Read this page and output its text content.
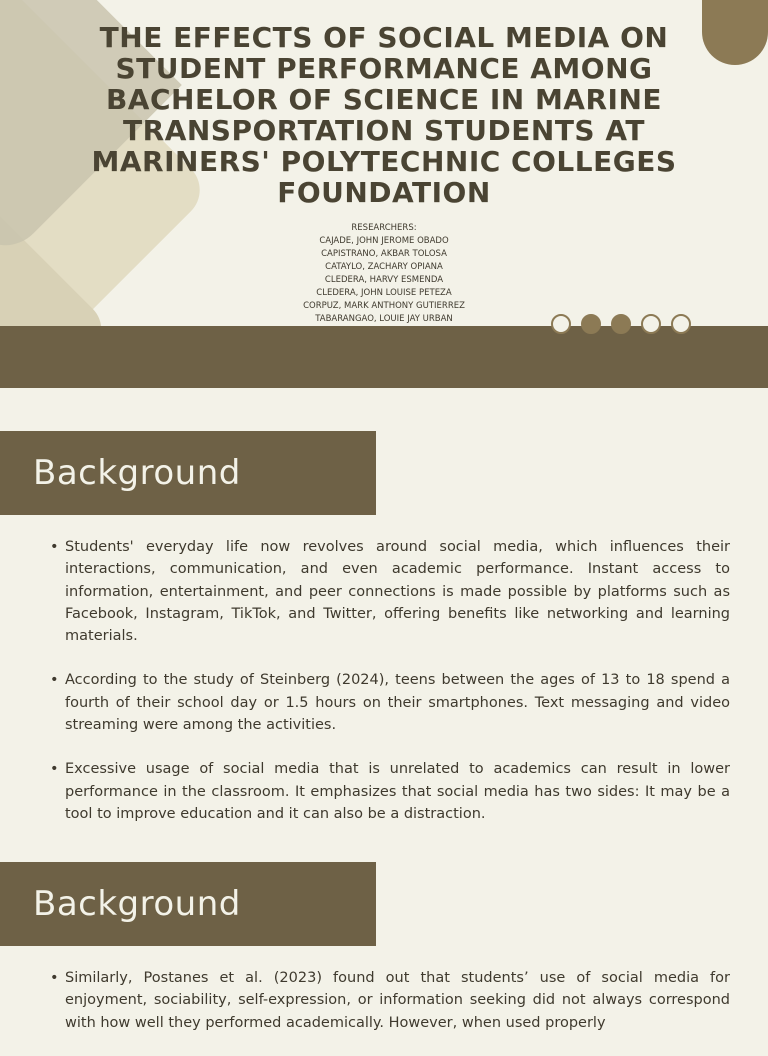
THE EFFECTS OF SOCIAL MEDIA ON STUDENT PERFORMANCE AMONG BACHELOR OF SCIENCE IN MARINE TRANSPORTATION STUDENTS AT MARINERS' POLYTECHNIC COLLEGES FOUNDATION
RESEARCHERS:
CAJADE, JOHN JEROME OBADO
CAPISTRANO, AKBAR TOLOSA
CATAYLO, ZACHARY OPIANA
CLEDERA, HARVY ESMENDA
CLEDERA, JOHN LOUISE PETEZA
CORPUZ, MARK ANTHONY GUTIERREZ
TABARANGAO, LOUIE JAY URBAN
Background
• Students' everyday life now revolves around social media, which influences their interactions, communication, and even academic performance. Instant access to information, entertainment, and peer connections is made possible by platforms such as Facebook, Instagram, TikTok, and Twitter, offering benefits like networking and learning materials.
• According to the study of Steinberg (2024), teens between the ages of 13 to 18 spend a fourth of their school day or 1.5 hours on their smartphones. Text messaging and video streaming were among the activities.
• Excessive usage of social media that is unrelated to academics can result in lower performance in the classroom. It emphasizes that social media has two sides: It may be a tool to improve education and it can also be a distraction.
Background
• Similarly, Postanes et al. (2023) found out that students’ use of social media for enjoyment, sociability, self-expression, or information seeking did not always correspond with how well they performed academically. However, when used properly
